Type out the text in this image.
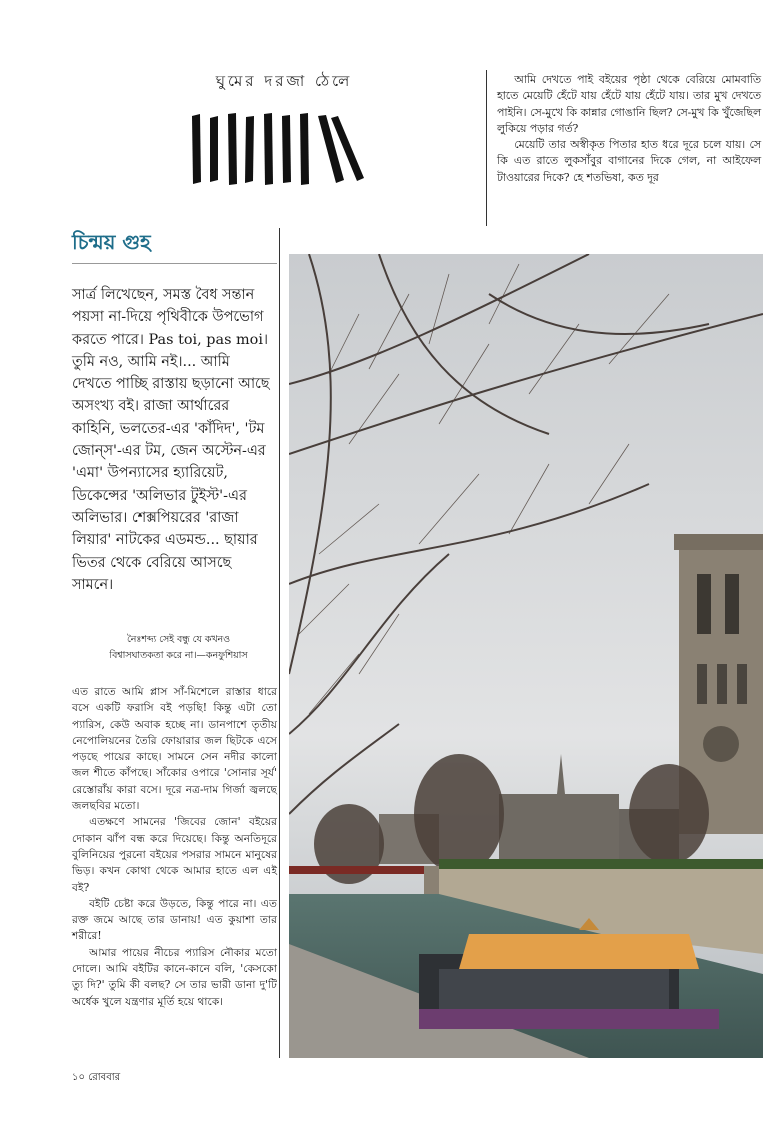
ঘুমের দরজা ঠেলে	আমি দেখতে পাই বইয়ের পৃষ্ঠা থেকে বেরিয়ে মোমবাতি হাতে মেয়েটি হেঁটে যায় হেঁটে যায় হেঁটে যায়। তার মুখ দেখতে পাইনি। সে-মুখে কি কান্নার গোঙানি ছিল? সে-মুখ কি খুঁজেছিল লুকিয়ে পড়ার গর্ত?

মেয়েটি তার অস্বীকৃত পিতার হাত ধরে দূরে চলে যায়। সে কি এত রাতে লুকসাঁবুর বাগানের দিকে গেল, না আইফেল টাওয়ারের দিকে? হে শতভিষা, কত দূর

চিন্ময় গুহ
সার্ত্র লিখেছেন, সমস্ত বৈধ সন্তান পয়সা না-দিয়ে পৃথিবীকে উপভোগ করতে পারে। Pas toi, pas moi। তুমি নও, আমি নই।... আমি দেখতে পাচ্ছি রাস্তায় ছড়ানো আছে অসংখ্য বই। রাজা আর্থারের কাহিনি, ভলতের-এর 'কাঁদিদ', 'টম জোন্‌স'-এর টম, জেন অস্টেন-এর 'এমা' উপন্যাসের হ্যারিয়েট, ডিকেন্সের 'অলিভার টুইস্ট'-এর অলিভার। শেক্সপিয়রের 'রাজা লিয়ার' নাটকের এডমন্ড... ছায়ার ভিতর থেকে বেরিয়ে আসছে সামনে।
নৈঃশব্দ্য সেই বন্ধু যে কখনও
বিশ্বাসঘাতকতা করে না।—কনফুশিয়াস

এত রাতে আমি প্লাস সাঁ-মিশেলে রাস্তার ধারে বসে একটি ফরাসি বই পড়ছি! কিন্তু এটা তো প্যারিস, কেউ অবাক হচ্ছে না। ডানপাশে তৃতীয় নেপোলিয়নের তৈরি ফোয়ারার জল ছিটকে এসে পড়ছে পায়ের কাছে। সামনে সেন নদীর কালো জল শীতে কাঁপছে। সাঁকোর ওপারে 'সোনার সূর্য' রেস্তোরাঁয় কারা বসে। দূরে নত্র-দাম গির্জা জ্বলছে জলছবির মতো।

এতক্ষণে সামনের 'জিবের জোন' বইয়ের দোকান ঝাঁপ বন্ধ করে দিয়েছে। কিন্তু অনতিদূরে বুলিনিয়ের পুরনো বইয়ের পসরার সামনে মানুষের ভিড়। কখন কোথা থেকে আমার হাতে এল এই বই?

বইটি চেষ্টা করে উড়তে, কিন্তু পারে না। এত রক্ত জমে আছে তার ডানায়! এত কুয়াশা তার শরীরে!

আমার পায়ের নীচের প্যারিস নৌকার মতো দোলে। আমি বইটির কানে-কানে বলি, 'কেসকো ত্যু দি?' তুমি কী বলছ? সে তার ভারী ডানা দু'টি অর্ধেক খুলে যন্ত্রণার মূর্তি হয়ে থাকে।

১০ রোববার
